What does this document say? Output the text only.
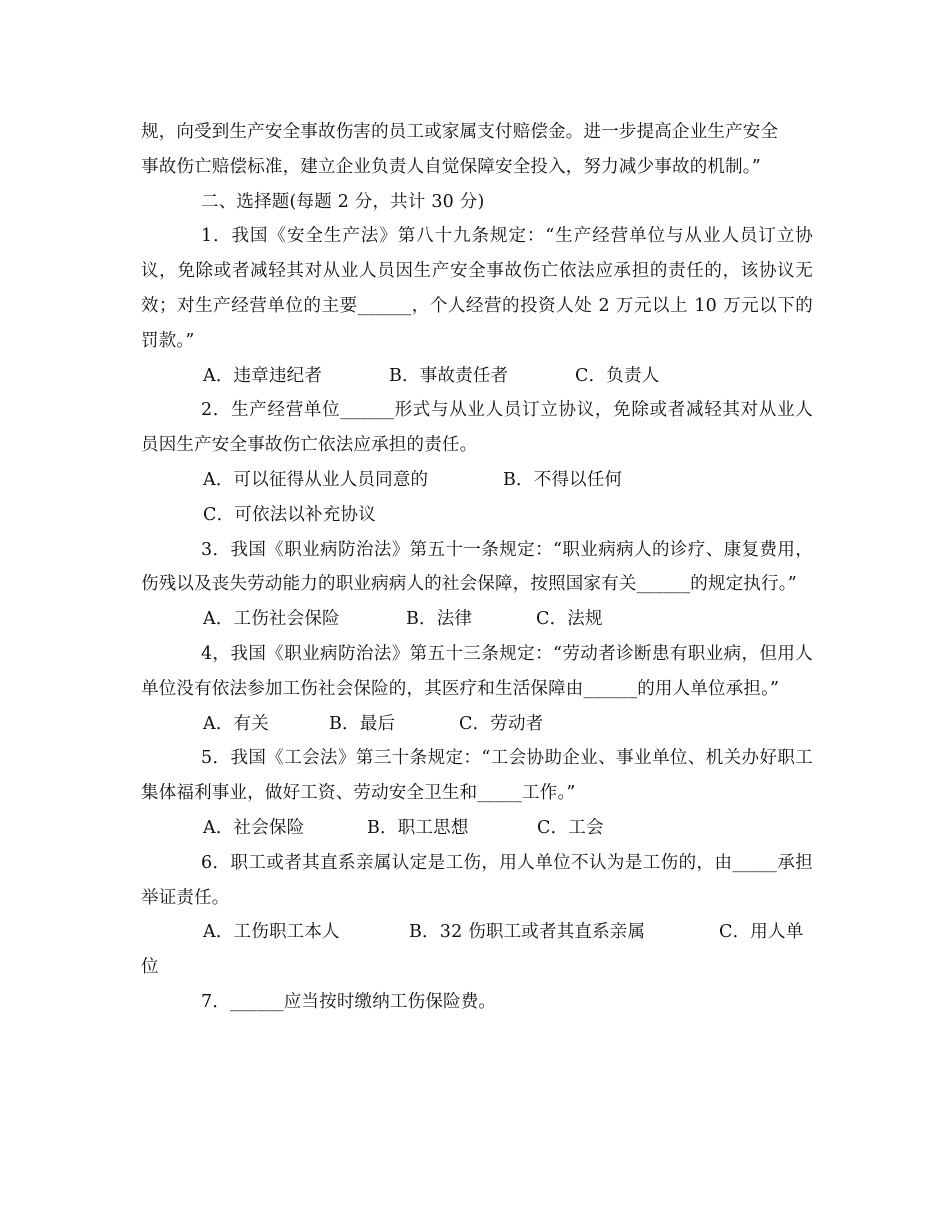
规，向受到生产安全事故伤害的员工或家属支付赔偿金。进一步提高企业生产安全
事故伤亡赔偿标准，建立企业负责人自觉保障安全投入，努力减少事故的机制。”

二、选择题(每题 2 分，共计 30 分)

1．我国《安全生产法》第八十九条规定：“生产经营单位与从业人员订立协议，免除或者减轻其对从业人员因生产安全事故伤亡依法应承担的责任的，该协议无效；对生产经营单位的主要______，个人经营的投资人处 2 万元以上 10 万元以下的罚款。”

A．违章违纪者	B．事故责任者	C．负责人

2．生产经营单位______形式与从业人员订立协议，免除或者减轻其对从业人员因生产安全事故伤亡依法应承担的责任。

A．可以征得从业人员同意的	B．不得以任何

C．可依法以补充协议

3．我国《职业病防治法》第五十一条规定：“职业病病人的诊疗、康复费用，伤残以及丧失劳动能力的职业病病人的社会保障，按照国家有关______的规定执行。”

A．工伤社会保险	B．法律	C．法规

4，我国《职业病防治法》第五十三条规定：“劳动者诊断患有职业病，但用人单位没有依法参加工伤社会保险的，其医疗和生活保障由______的用人单位承担。”

A．有关	B．最后	C．劳动者

5．我国《工会法》第三十条规定：“工会协助企业、事业单位、机关办好职工集体福利事业，做好工资、劳动安全卫生和_____工作。”

A．社会保险	B．职工思想	C．工会

6．职工或者其直系亲属认定是工伤，用人单位不认为是工伤的，由_____承担举证责任。

A．工伤职工本人	B．32 伤职工或者其直系亲属	C．用人单位

7．______应当按时缴纳工伤保险费。
